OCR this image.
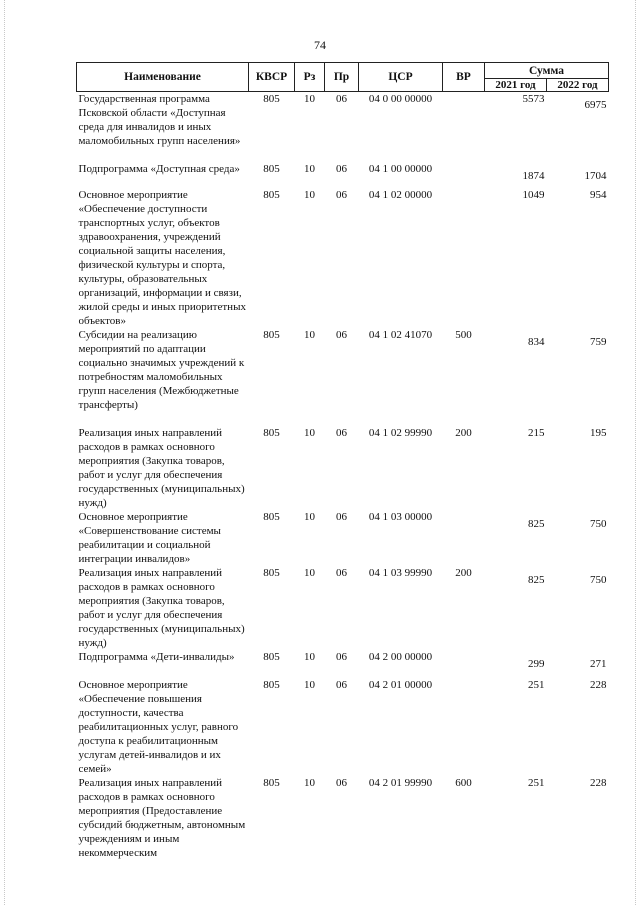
74
Наименование	КВСР	Рз	Пр	ЦСР	ВР	Сумма	
						2021 год	2022 год
Государственная программа Псковской области «Доступная среда для инвалидов и иных маломобильных групп населения»	805	10	06	04 0 00 00000		5573	6975
Подпрограмма «Доступная среда»	805	10	06	04 1 00 00000		1874	1704
Основное мероприятие «Обеспечение доступности транспортных услуг, объектов здравоохранения, учреждений социальной защиты населения, физической культуры и спорта, культуры, образовательных организаций, информации и связи, жилой среды и иных приоритетных объектов»	805	10	06	04 1 02 00000		1049	954
Субсидии на реализацию мероприятий по адаптации социально значимых учреждений к потребностям маломобильных групп населения (Межбюджетные трансферты)	805	10	06	04 1 02 41070	500	834	759
Реализация иных направлений расходов в рамках основного мероприятия (Закупка товаров, работ и услуг для обеспечения государственных (муниципальных) нужд)	805	10	06	04 1 02 99990	200	215	195
Основное мероприятие «Совершенствование системы реабилитации и социальной интеграции инвалидов»	805	10	06	04 1 03 00000		825	750
Реализация иных направлений расходов в рамках основного мероприятия (Закупка товаров, работ и услуг для обеспечения государственных (муниципальных) нужд)	805	10	06	04 1 03 99990	200	825	750
Подпрограмма «Дети-инвалиды»	805	10	06	04 2 00 00000		299	271
Основное мероприятие «Обеспечение повышения доступности, качества реабилитационных услуг, равного доступа к реабилитационным услугам детей-инвалидов и их семей»	805	10	06	04 2 01 00000		251	228
Реализация иных направлений расходов в рамках основного мероприятия (Предоставление субсидий бюджетным, автономным учреждениям и иным некоммерческим	805	10	06	04 2 01 99990	600	251	228
